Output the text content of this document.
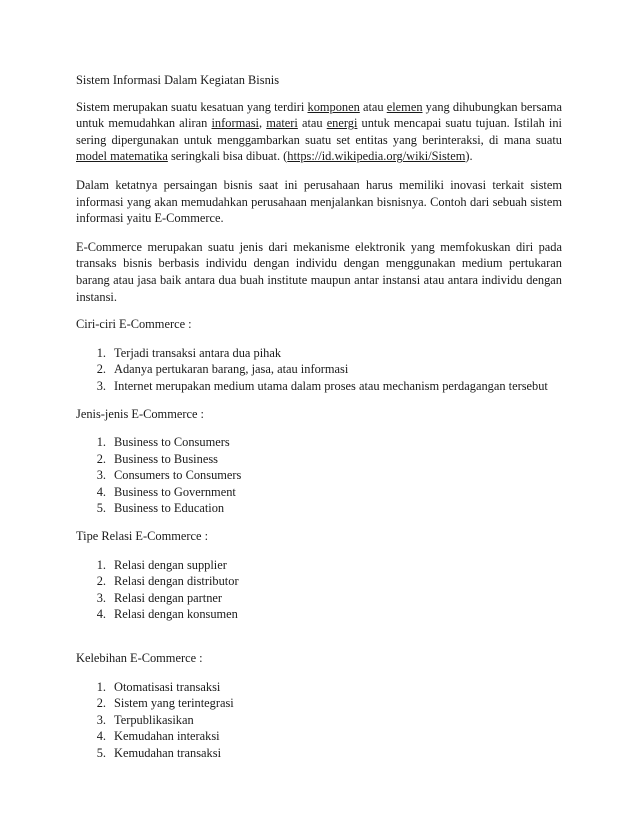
Sistem Informasi Dalam Kegiatan Bisnis

Sistem merupakan suatu kesatuan yang terdiri komponen atau elemen yang dihubungkan bersama untuk memudahkan aliran informasi, materi atau energi untuk mencapai suatu tujuan. Istilah ini sering dipergunakan untuk menggambarkan suatu set entitas yang berinteraksi, di mana suatu model matematika seringkali bisa dibuat. (https://id.wikipedia.org/wiki/Sistem).

Dalam ketatnya persaingan bisnis saat ini perusahaan harus memiliki inovasi terkait sistem informasi yang akan memudahkan perusahaan menjalankan bisnisnya. Contoh dari sebuah sistem informasi yaitu E-Commerce.

E-Commerce merupakan suatu jenis dari mekanisme elektronik yang memfokuskan diri pada transaks bisnis berbasis individu dengan individu dengan menggunakan medium pertukaran barang atau jasa baik antara dua buah institute maupun antar instansi atau antara individu dengan instansi.

Ciri-ciri E-Commerce :
1. Terjadi transaksi antara dua pihak
2. Adanya pertukaran barang, jasa, atau informasi
3. Internet merupakan medium utama dalam proses atau mechanism perdagangan tersebut
Jenis-jenis E-Commerce :
1. Business to Consumers
2. Business to Business
3. Consumers to Consumers
4. Business to Government
5. Business to Education
Tipe Relasi E-Commerce :
1. Relasi dengan supplier
2. Relasi dengan distributor
3. Relasi dengan partner
4. Relasi dengan konsumen
Kelebihan E-Commerce :
1. Otomatisasi transaksi
2. Sistem yang terintegrasi
3. Terpublikasikan
4. Kemudahan interaksi
5. Kemudahan transaksi
